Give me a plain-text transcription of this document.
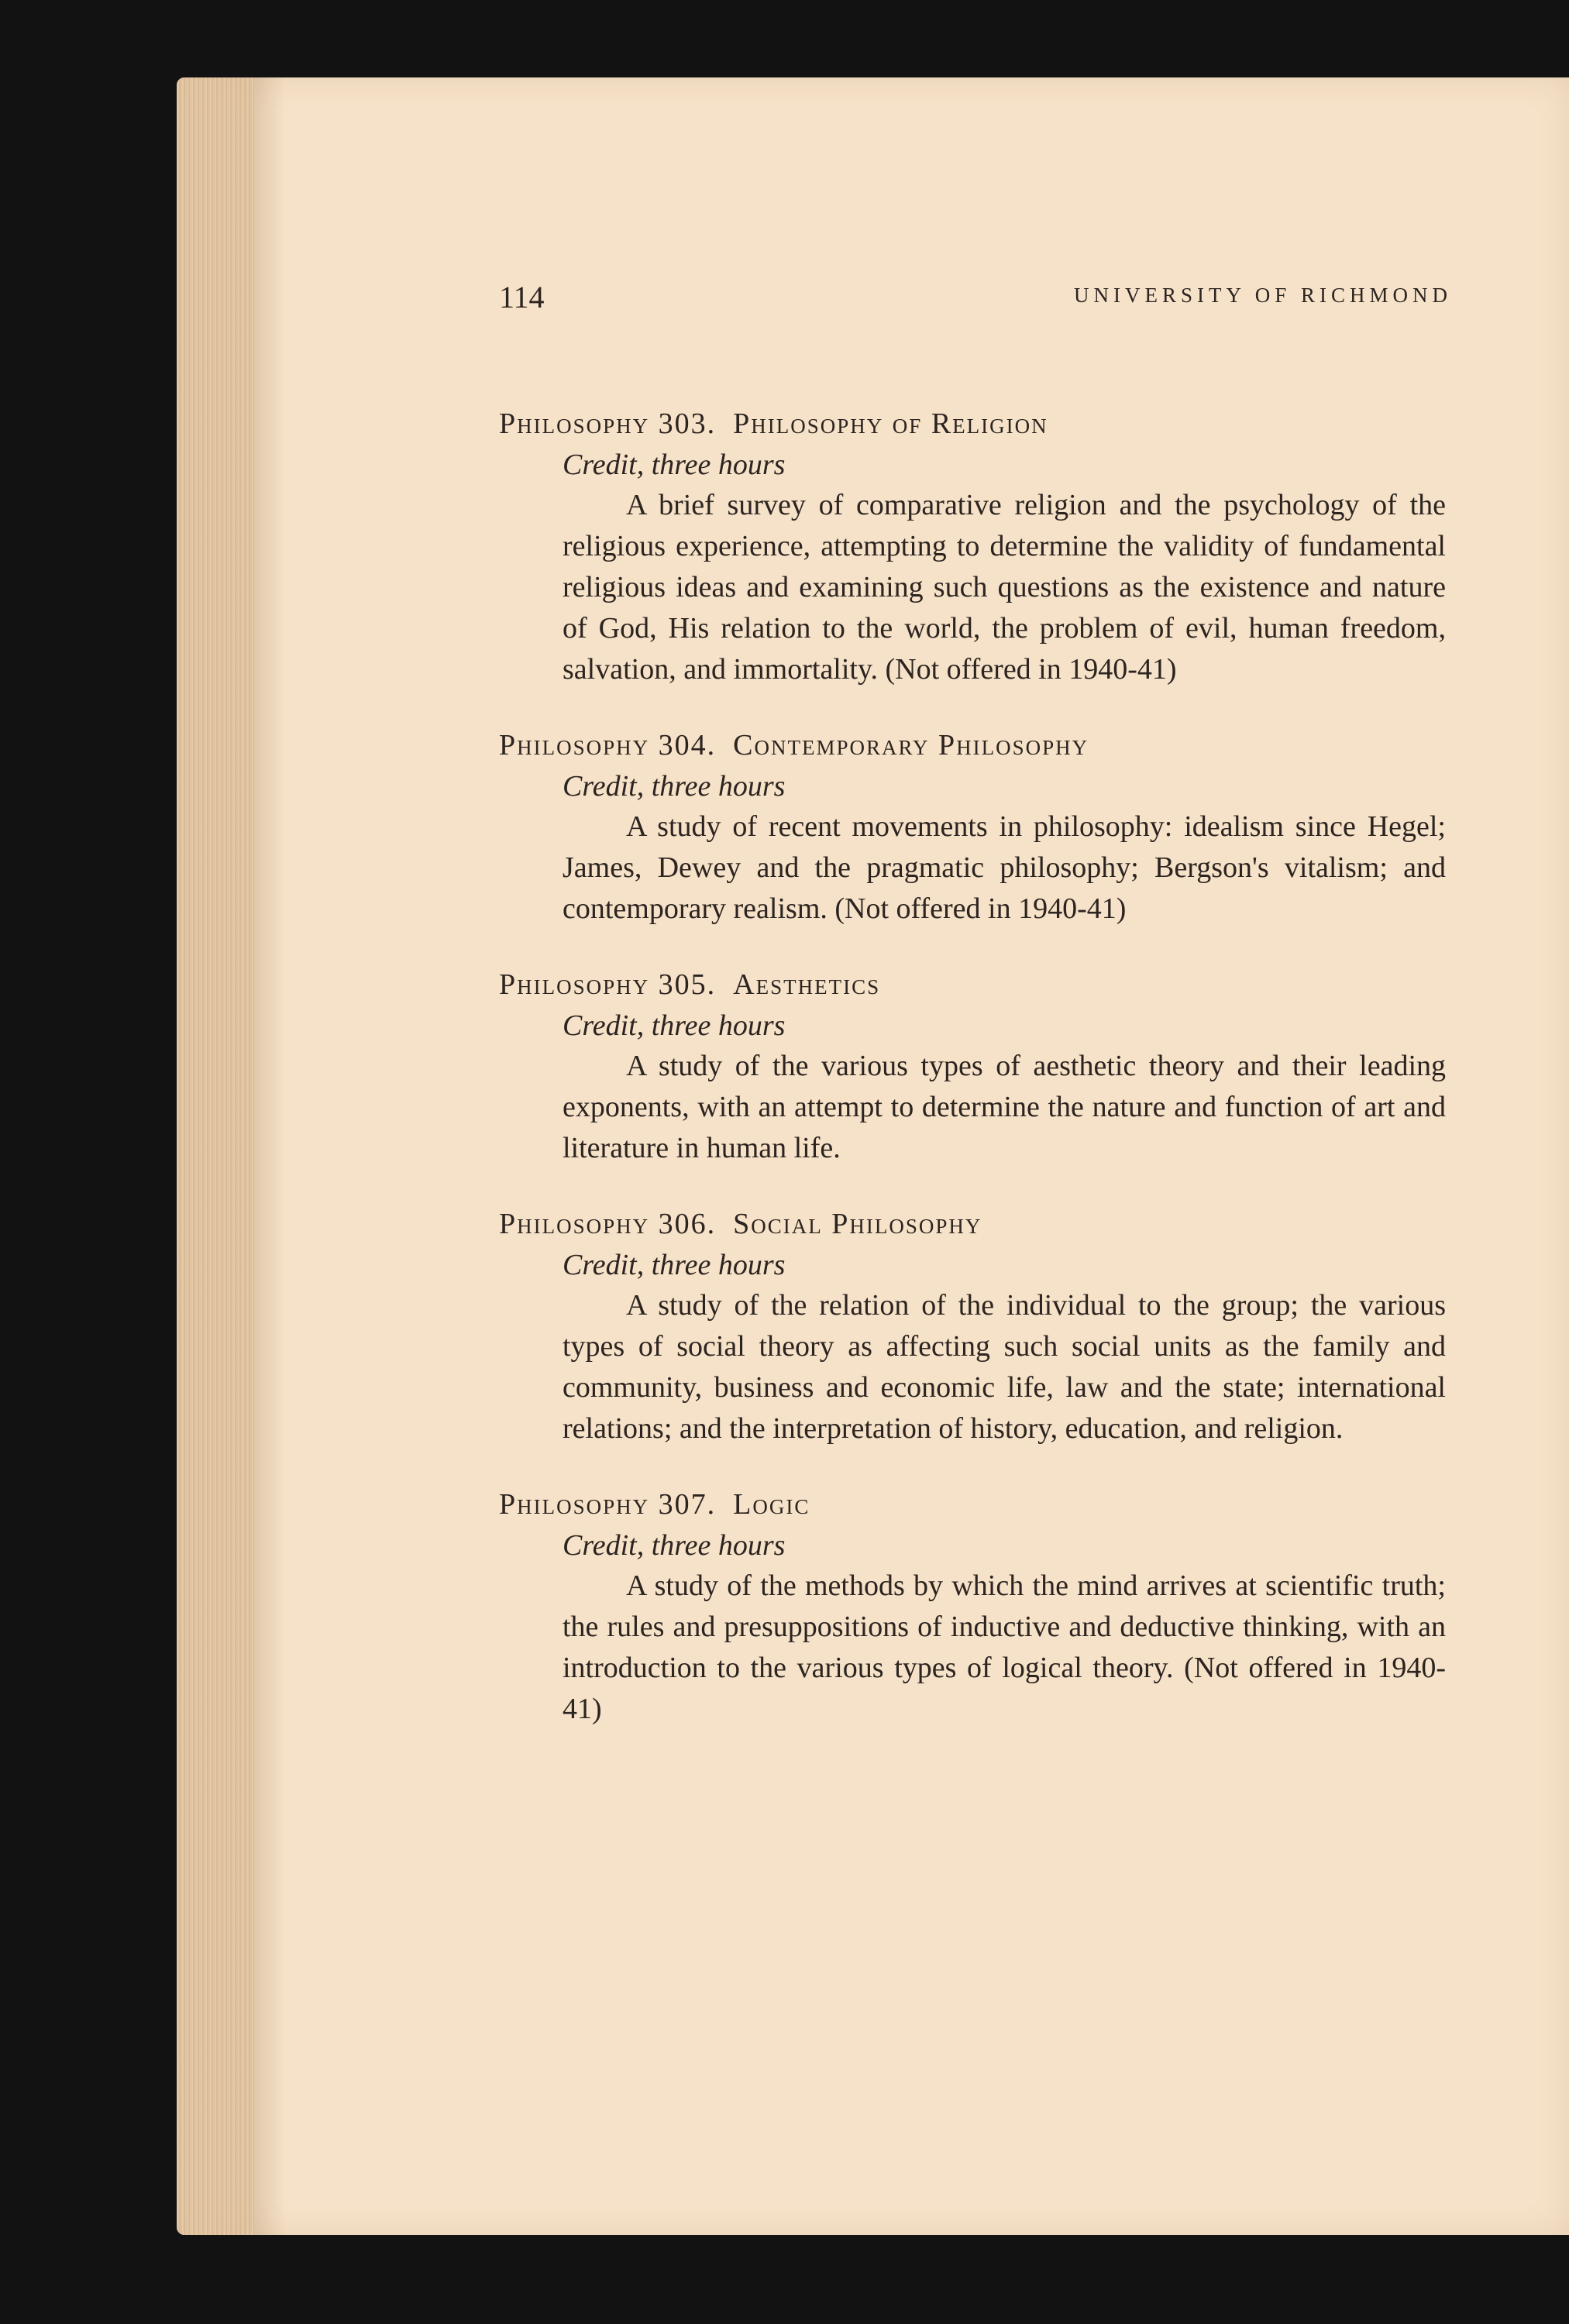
114	UNIVERSITY OF RICHMOND
Philosophy 303. Philosophy of Religion
Credit, three hours
A brief survey of comparative religion and the psychology of the religious experience, attempting to determine the validity of fundamental religious ideas and examining such questions as the existence and nature of God, His relation to the world, the problem of evil, human freedom, salvation, and immortality. (Not offered in 1940-41)
Philosophy 304. Contemporary Philosophy
Credit, three hours
A study of recent movements in philosophy: idealism since Hegel; James, Dewey and the pragmatic philosophy; Bergson's vitalism; and contemporary realism. (Not offered in 1940-41)
Philosophy 305. Aesthetics
Credit, three hours
A study of the various types of aesthetic theory and their leading exponents, with an attempt to determine the nature and function of art and literature in human life.
Philosophy 306. Social Philosophy
Credit, three hours
A study of the relation of the individual to the group; the various types of social theory as affecting such social units as the family and community, business and economic life, law and the state; international relations; and the interpretation of history, education, and religion.
Philosophy 307. Logic
Credit, three hours
A study of the methods by which the mind arrives at scientific truth; the rules and presuppositions of inductive and deductive thinking, with an introduction to the various types of logical theory. (Not offered in 1940-41)
